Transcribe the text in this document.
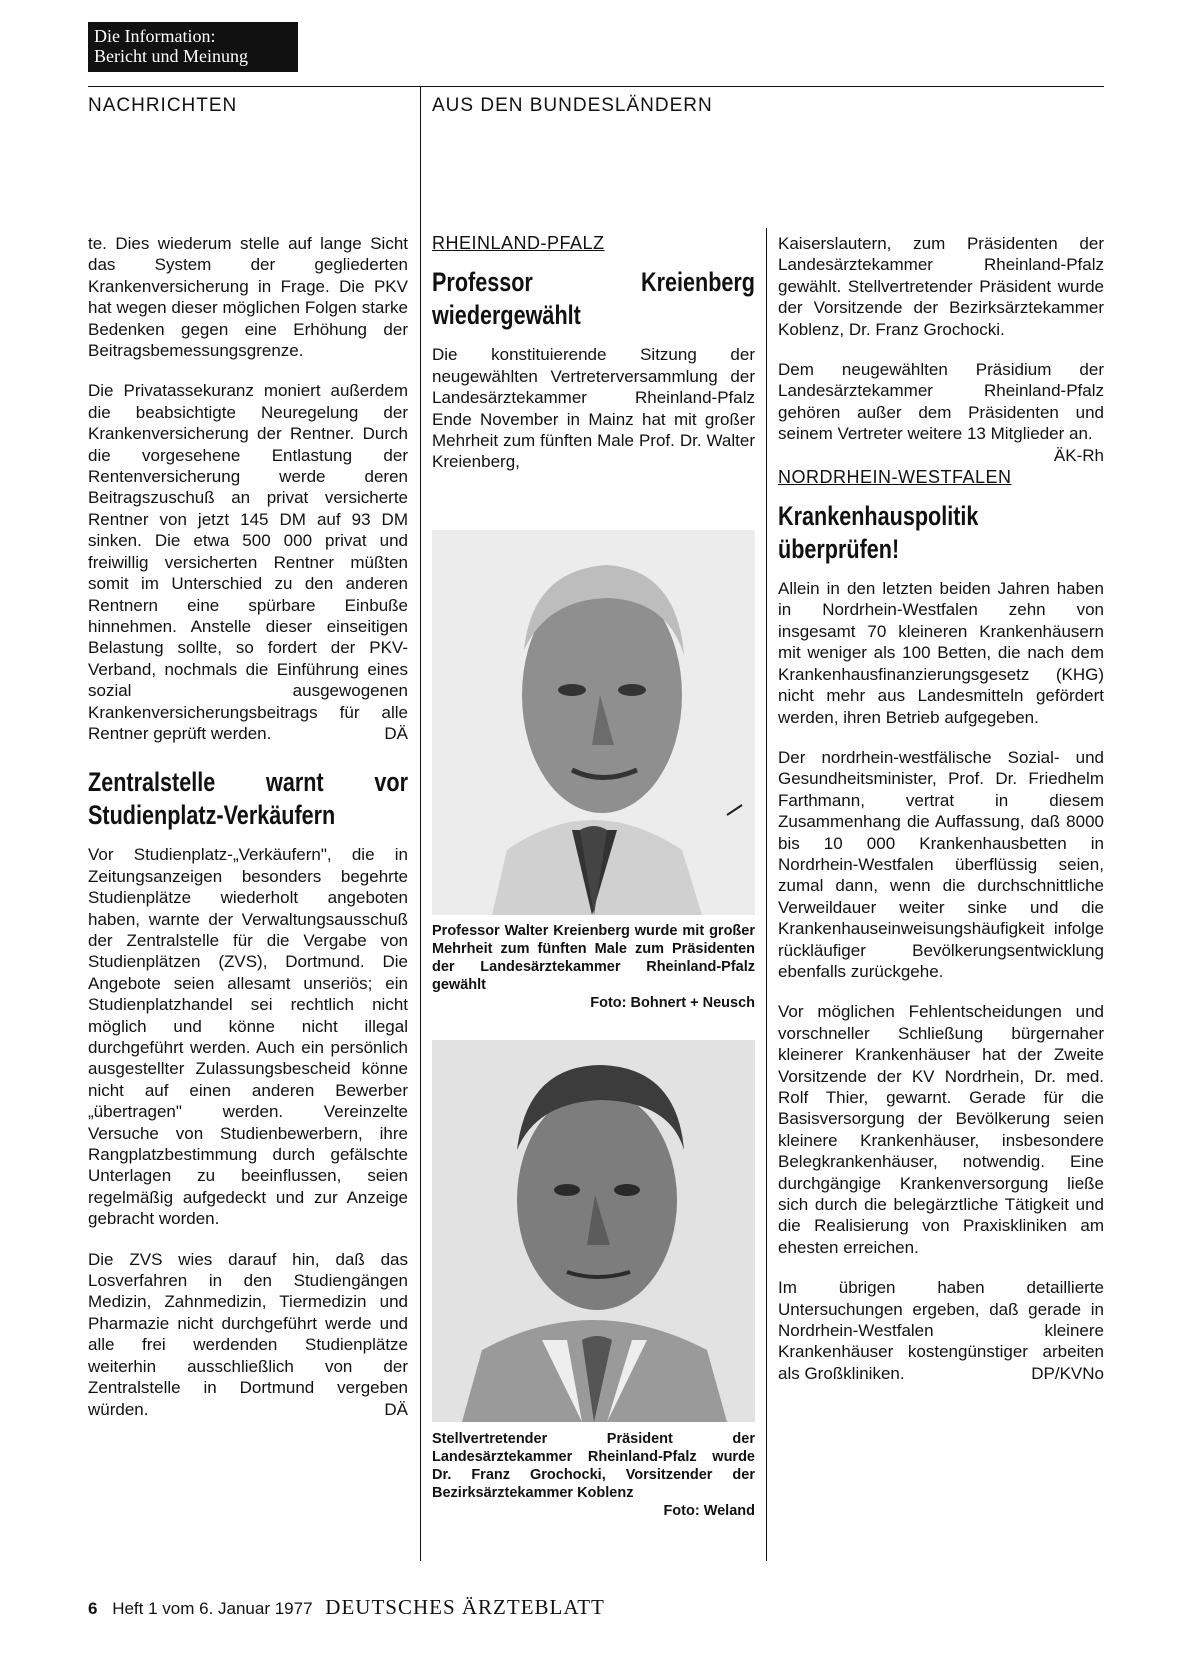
Die Information:
Bericht und Meinung
NACHRICHTEN	AUS DEN BUNDESLÄNDERN

te. Dies wiederum stelle auf lange Sicht das System der gegliederten Krankenversicherung in Frage. Die PKV hat wegen dieser möglichen Folgen starke Bedenken gegen eine Erhöhung der Beitragsbemessungsgrenze.

Die Privatassekuranz moniert außerdem die beabsichtigte Neuregelung der Krankenversicherung der Rentner. Durch die vorgesehene Entlastung der Rentenversicherung werde deren Beitragszuschuß an privat versicherte Rentner von jetzt 145 DM auf 93 DM sinken. Die etwa 500 000 privat und freiwillig versicherten Rentner müßten somit im Unterschied zu den anderen Rentnern eine spürbare Einbuße hinnehmen. Anstelle dieser einseitigen Belastung sollte, so fordert der PKV-Verband, nochmals die Einführung eines sozial ausgewogenen Krankenversicherungsbeitrags für alle Rentner geprüft werden.	DÄ

Zentralstelle warnt vor Studienplatz-Verkäufern

Vor Studienplatz-„Verkäufern", die in Zeitungsanzeigen besonders begehrte Studienplätze wiederholt angeboten haben, warnte der Verwaltungsausschuß der Zentralstelle für die Vergabe von Studienplätzen (ZVS), Dortmund. Die Angebote seien allesamt unseriös; ein Studienplatzhandel sei rechtlich nicht möglich und könne nicht illegal durchgeführt werden. Auch ein persönlich ausgestellter Zulassungsbescheid könne nicht auf einen anderen Bewerber „übertragen" werden. Vereinzelte Versuche von Studienbewerbern, ihre Rangplatzbestimmung durch gefälschte Unterlagen zu beeinflussen, seien regelmäßig aufgedeckt und zur Anzeige gebracht worden.

Die ZVS wies darauf hin, daß das Losverfahren in den Studiengängen Medizin, Zahnmedizin, Tiermedizin und Pharmazie nicht durchgeführt werde und alle frei werdenden Studienplätze weiterhin ausschließlich von der Zentralstelle in Dortmund vergeben würden.	DÄ

RHEINLAND-PFALZ
Professor Kreienberg wiedergewählt

Die konstituierende Sitzung der neugewählten Vertreterversammlung der Landesärztekammer Rheinland-Pfalz Ende November in Mainz hat mit großer Mehrheit zum fünften Male Prof. Dr. Walter Kreienberg,

Professor Walter Kreienberg wurde mit großer Mehrheit zum fünften Male zum Präsidenten der Landesärztekammer Rheinland-Pfalz gewählt
Foto: Bohnert + Neusch
Stellvertretender Präsident der Landesärztekammer Rheinland-Pfalz wurde Dr. Franz Grochocki, Vorsitzender der Bezirksärztekammer Koblenz
Foto: Weland

Kaiserslautern, zum Präsidenten der Landesärztekammer Rheinland-Pfalz gewählt. Stellvertretender Präsident wurde der Vorsitzende der Bezirksärztekammer Koblenz, Dr. Franz Grochocki.

Dem neugewählten Präsidium der Landesärztekammer Rheinland-Pfalz gehören außer dem Präsidenten und seinem Vertreter weitere 13 Mitglieder an.
ÄK-Rh

NORDRHEIN-WESTFALEN
Krankenhauspolitik überprüfen!

Allein in den letzten beiden Jahren haben in Nordrhein-Westfalen zehn von insgesamt 70 kleineren Krankenhäusern mit weniger als 100 Betten, die nach dem Krankenhausfinanzierungsgesetz (KHG) nicht mehr aus Landesmitteln gefördert werden, ihren Betrieb aufgegeben.

Der nordrhein-westfälische Sozial- und Gesundheitsminister, Prof. Dr. Friedhelm Farthmann, vertrat in diesem Zusammenhang die Auffassung, daß 8000 bis 10 000 Krankenhausbetten in Nordrhein-Westfalen überflüssig seien, zumal dann, wenn die durchschnittliche Verweildauer weiter sinke und die Krankenhauseinweisungshäufigkeit infolge rückläufiger Bevölkerungsentwicklung ebenfalls zurückgehe.

Vor möglichen Fehlentscheidungen und vorschneller Schließung bürgernaher kleinerer Krankenhäuser hat der Zweite Vorsitzende der KV Nordrhein, Dr. med. Rolf Thier, gewarnt. Gerade für die Basisversorgung der Bevölkerung seien kleinere Krankenhäuser, insbesondere Belegkrankenhäuser, notwendig. Eine durchgängige Krankenversorgung ließe sich durch die belegärztliche Tätigkeit und die Realisierung von Praxiskliniken am ehesten erreichen.

Im übrigen haben detaillierte Untersuchungen ergeben, daß gerade in Nordrhein-Westfalen kleinere Krankenhäuser kostengünstiger arbeiten als Großkliniken.	DP/KVNo

6 Heft 1 vom 6. Januar 1977 DEUTSCHES ÄRZTEBLATT
